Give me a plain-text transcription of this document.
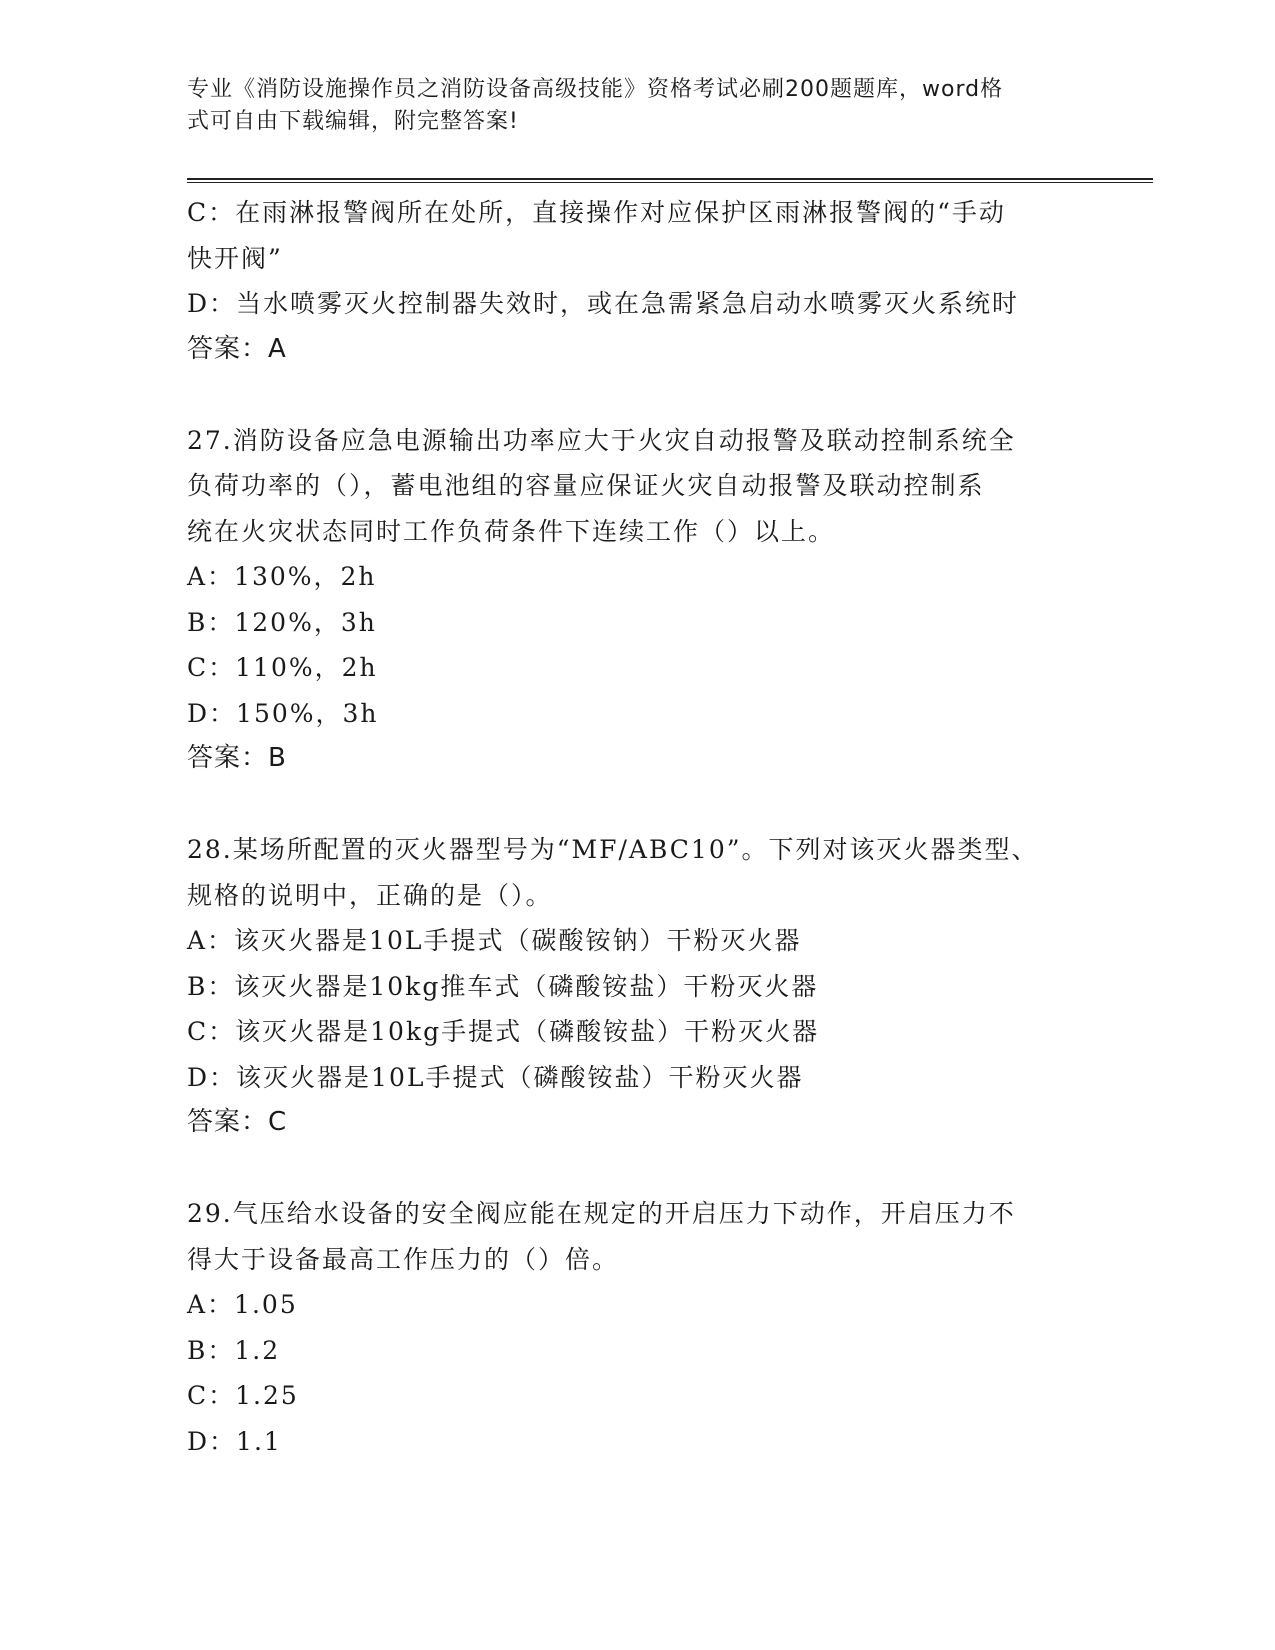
专业《消防设施操作员之消防设备高级技能》资格考试必刷200题题库，word格
式可自由下载编辑，附完整答案!
C：在雨淋报警阀所在处所，直接操作对应保护区雨淋报警阀的“手动
快开阀”
D：当水喷雾灭火控制器失效时，或在急需紧急启动水喷雾灭火系统时
答案：A
27.消防设备应急电源输出功率应大于火灾自动报警及联动控制系统全
负荷功率的（），蓄电池组的容量应保证火灾自动报警及联动控制系
统在火灾状态同时工作负荷条件下连续工作（）以上。
A：130%，2h
B：120%，3h
C：110%，2h
D：150%，3h
答案：B
28.某场所配置的灭火器型号为“MF/ABC10”。下列对该灭火器类型、
规格的说明中，正确的是（）。
A：该灭火器是10L手提式（碳酸铵钠）干粉灭火器
B：该灭火器是10kg推车式（磷酸铵盐）干粉灭火器
C：该灭火器是10kg手提式（磷酸铵盐）干粉灭火器
D：该灭火器是10L手提式（磷酸铵盐）干粉灭火器
答案：C
29.气压给水设备的安全阀应能在规定的开启压力下动作，开启压力不
得大于设备最高工作压力的（）倍。
A：1.05
B：1.2
C：1.25
D：1.1
